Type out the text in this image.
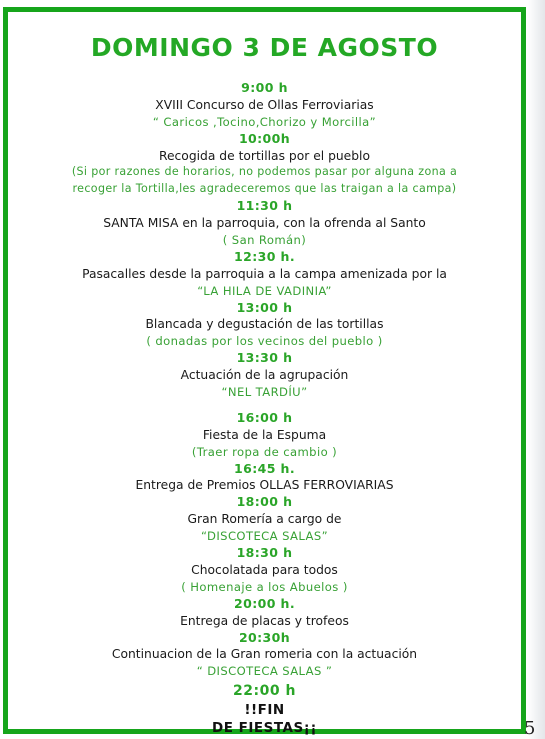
DOMINGO 3 DE AGOSTO
9:00 h
XVIII Concurso de Ollas Ferroviarias
“ Caricos ,Tocino,Chorizo y Morcilla”
10:00h
Recogida de tortillas por el pueblo
(Si por razones de horarios, no podemos pasar por alguna zona a
recoger la Tortilla,les agradeceremos que las traigan a la campa)
11:30 h
SANTA MISA en la parroquia, con la ofrenda al Santo
( San Román)
12:30 h.
Pasacalles desde la parroquia a la campa amenizada por la
“LA HILA DE VADINIA”
13:00 h
Blancada y degustación de las tortillas
( donadas por los vecinos del pueblo )
13:30 h
Actuación de la agrupación
“NEL TARDÍU”
16:00 h
Fiesta de la Espuma
(Traer ropa de cambio )
16:45 h.
Entrega de Premios OLLAS FERROVIARIAS
18:00 h
Gran Romería a cargo de
“DISCOTECA SALAS”
18:30 h
Chocolatada para todos
( Homenaje a los Abuelos )
20:00 h.
Entrega de placas y trofeos
20:30h
Continuacion de la Gran romeria con la actuación
“ DISCOTECA SALAS ”
22:00 h
!!FIN
DE FIESTAS¡¡	5
